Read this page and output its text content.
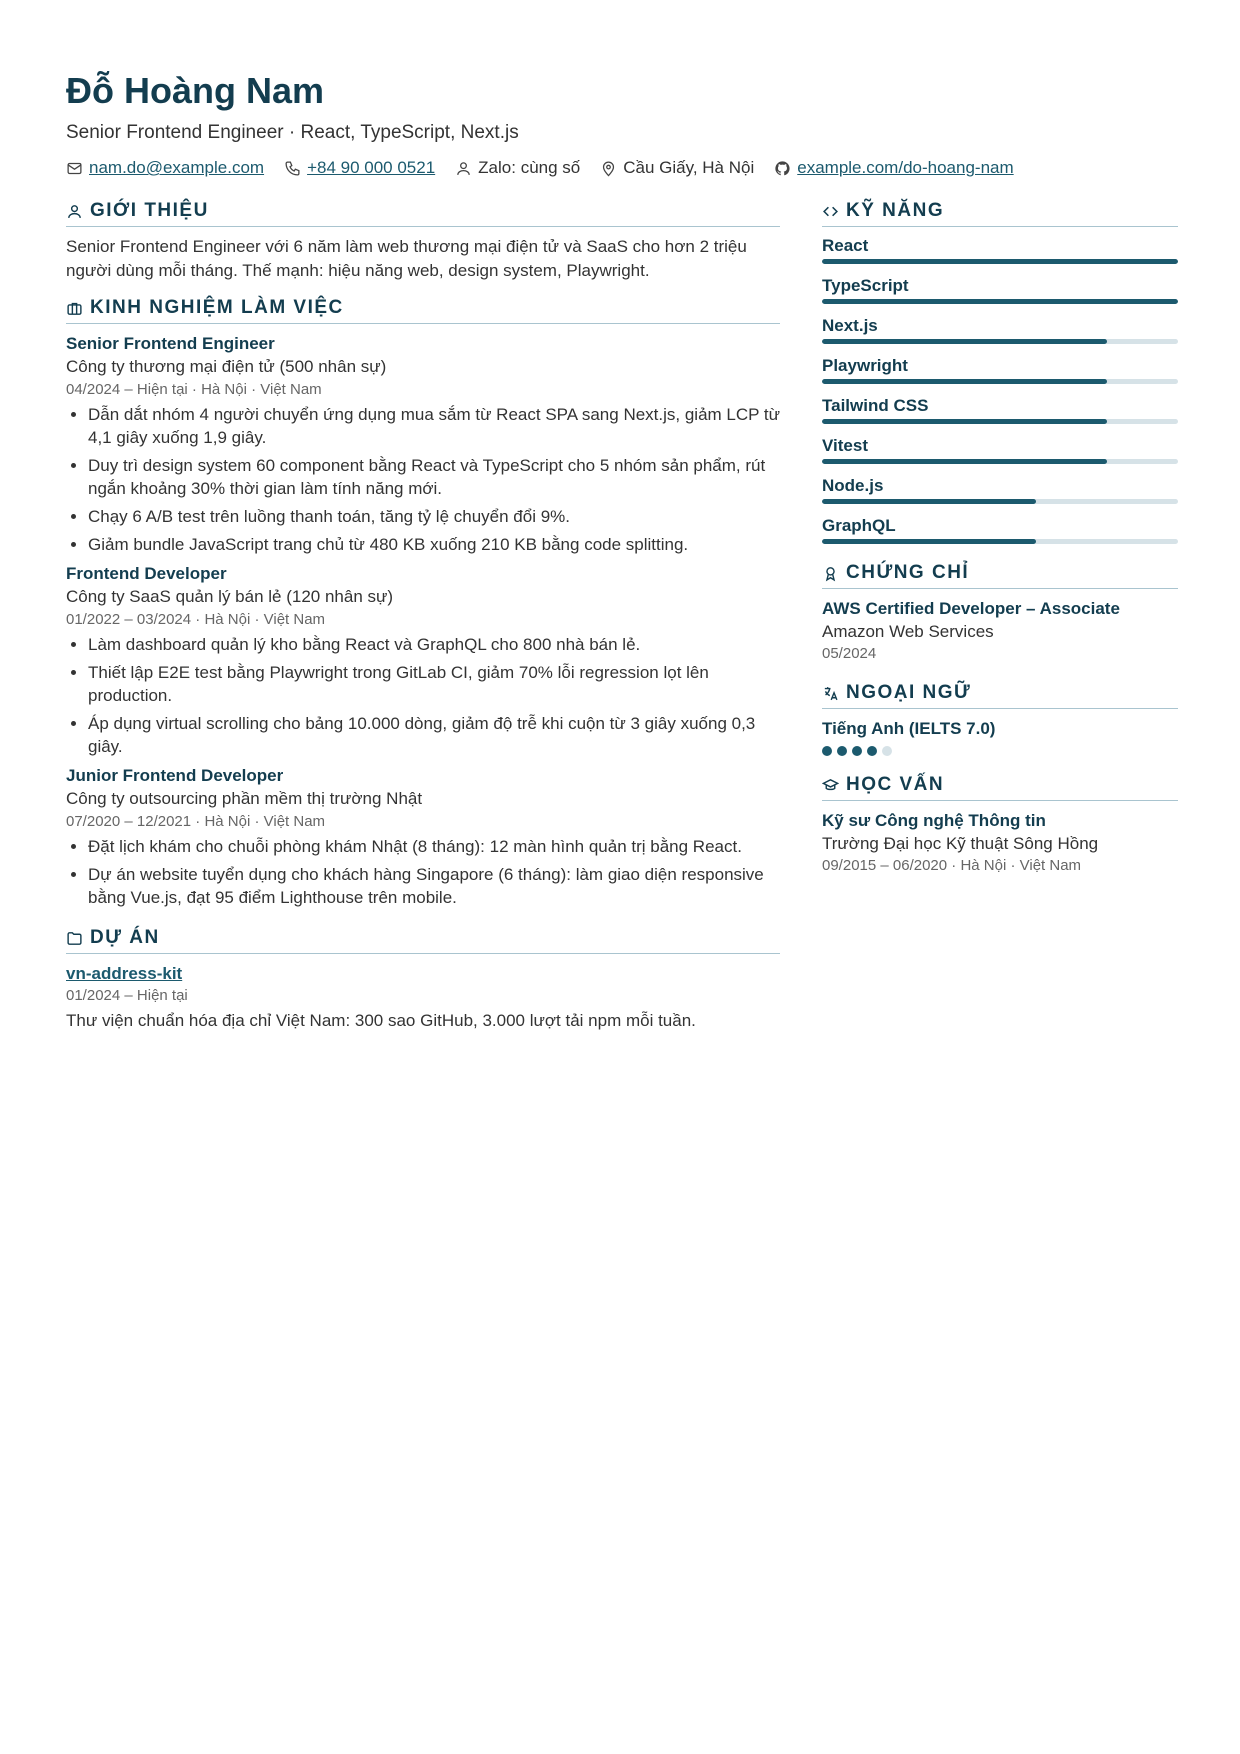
Đỗ Hoàng Nam
Senior Frontend Engineer · React, TypeScript, Next.js
nam.do@example.com	+84 90 000 0521	Zalo: cùng số	Cầu Giấy, Hà Nội	example.com/do-hoang-nam
GIỚI THIỆU

Senior Frontend Engineer với 6 năm làm web thương mại điện tử và SaaS cho hơn 2 triệu người dùng mỗi tháng. Thế mạnh: hiệu năng web, design system, Playwright.

KINH NGHIỆM LÀM VIỆC
Senior Frontend Engineer
Công ty thương mại điện tử (500 nhân sự)
04/2024 – Hiện tại · Hà Nội · Việt Nam
• Dẫn dắt nhóm 4 người chuyển ứng dụng mua sắm từ React SPA sang Next.js, giảm LCP từ 4,1 giây xuống 1,9 giây.
• Duy trì design system 60 component bằng React và TypeScript cho 5 nhóm sản phẩm, rút ngắn khoảng 30% thời gian làm tính năng mới.
• Chạy 6 A/B test trên luồng thanh toán, tăng tỷ lệ chuyển đổi 9%.
• Giảm bundle JavaScript trang chủ từ 480 KB xuống 210 KB bằng code splitting.
Frontend Developer
Công ty SaaS quản lý bán lẻ (120 nhân sự)
01/2022 – 03/2024 · Hà Nội · Việt Nam
• Làm dashboard quản lý kho bằng React và GraphQL cho 800 nhà bán lẻ.
• Thiết lập E2E test bằng Playwright trong GitLab CI, giảm 70% lỗi regression lọt lên production.
• Áp dụng virtual scrolling cho bảng 10.000 dòng, giảm độ trễ khi cuộn từ 3 giây xuống 0,3 giây.
Junior Frontend Developer
Công ty outsourcing phần mềm thị trường Nhật
07/2020 – 12/2021 · Hà Nội · Việt Nam
• Đặt lịch khám cho chuỗi phòng khám Nhật (8 tháng): 12 màn hình quản trị bằng React.
• Dự án website tuyển dụng cho khách hàng Singapore (6 tháng): làm giao diện responsive bằng Vue.js, đạt 95 điểm Lighthouse trên mobile.
DỰ ÁN
vn-address-kit
01/2024 – Hiện tại
Thư viện chuẩn hóa địa chỉ Việt Nam: 300 sao GitHub, 3.000 lượt tải npm mỗi tuần.
KỸ NĂNG
React
TypeScript
Next.js
Playwright
Tailwind CSS
Vitest
Node.js
GraphQL
CHỨNG CHỈ
AWS Certified Developer – Associate
Amazon Web Services
05/2024
NGOẠI NGỮ
Tiếng Anh (IELTS 7.0)
HỌC VẤN
Kỹ sư Công nghệ Thông tin
Trường Đại học Kỹ thuật Sông Hồng
09/2015 – 06/2020 · Hà Nội · Việt Nam
